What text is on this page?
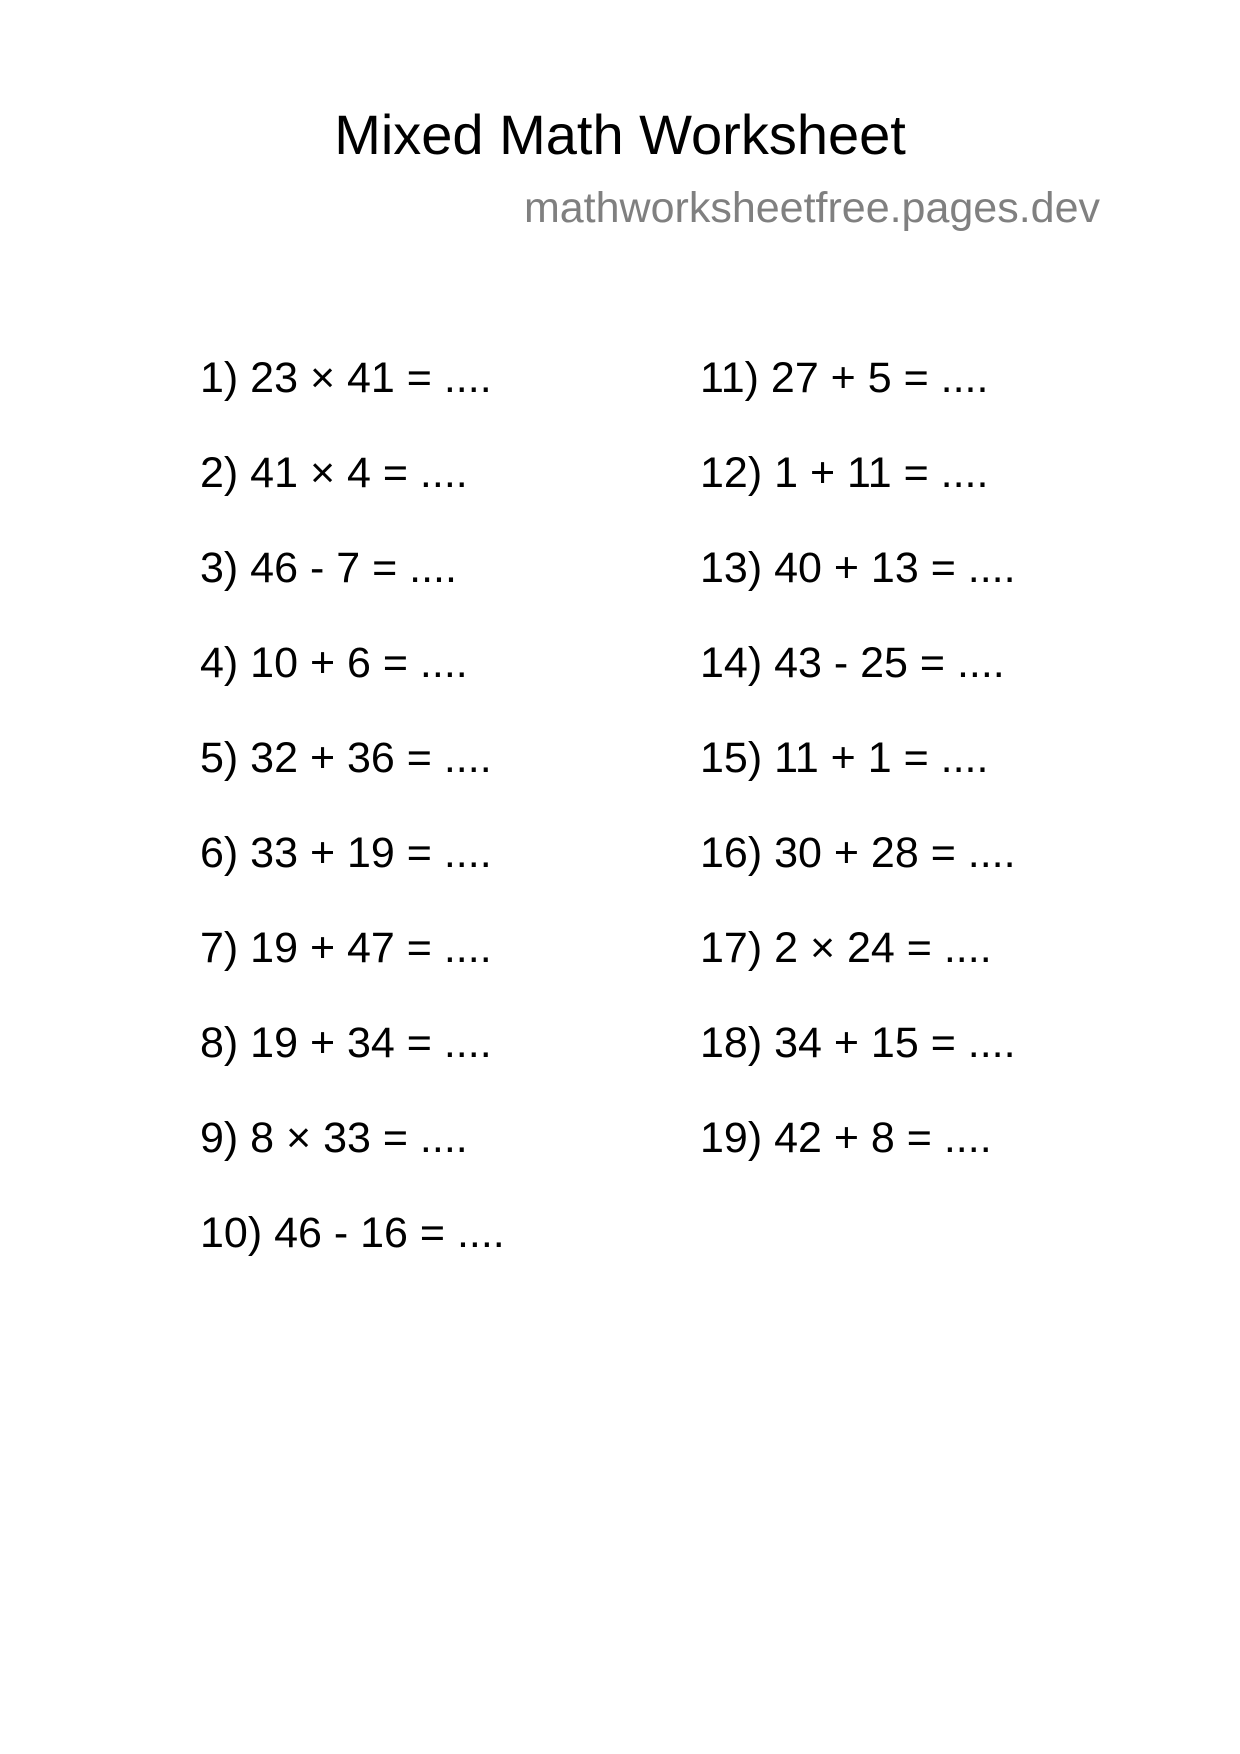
Mixed Math Worksheet
mathworksheetfree.pages.dev
1) 23 × 41 = ....
2) 41 × 4 = ....
3) 46 - 7 = ....
4) 10 + 6 = ....
5) 32 + 36 = ....
6) 33 + 19 = ....
7) 19 + 47 = ....
8) 19 + 34 = ....
9) 8 × 33 = ....
10) 46 - 16 = ....
11) 27 + 5 = ....
12) 1 + 11 = ....
13) 40 + 13 = ....
14) 43 - 25 = ....
15) 11 + 1 = ....
16) 30 + 28 = ....
17) 2 × 24 = ....
18) 34 + 15 = ....
19) 42 + 8 = ....
